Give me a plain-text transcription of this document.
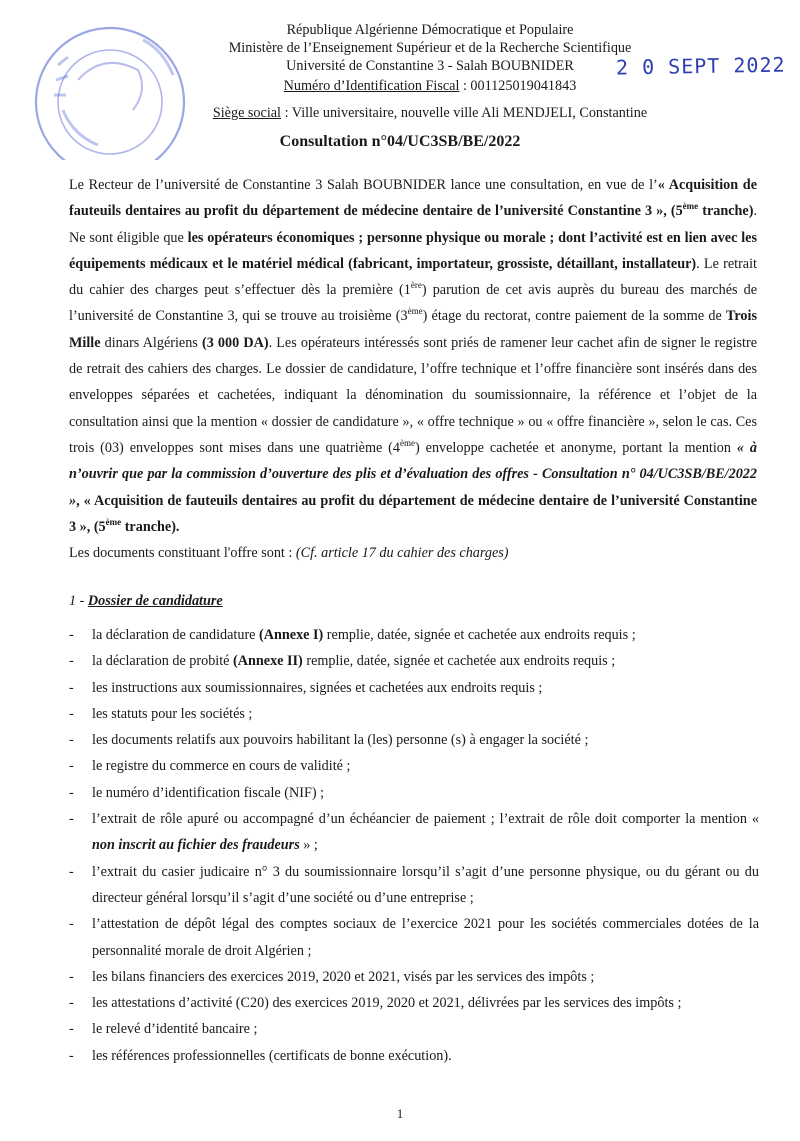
République Algérienne Démocratique et Populaire
Ministère de l’Enseignement Supérieur et de la Recherche Scientifique
Université de Constantine 3 - Salah BOUBNIDER
Numéro d’Identification Fiscal : 001125019041843
Siège social : Ville universitaire, nouvelle ville Ali MENDJELI, Constantine
2 0 SEPT 2022
Consultation n°04/UC3SB/BE/2022

Le Recteur de l’université de Constantine 3 Salah BOUBNIDER lance une consultation, en vue de l’« Acquisition de fauteuils dentaires au profit du département de médecine dentaire de l’université Constantine 3 », (5ème tranche). Ne sont éligible que les opérateurs économiques ; personne physique ou morale ; dont l’activité est en lien avec les équipements médicaux et le matériel médical (fabricant, importateur, grossiste, détaillant, installateur). Le retrait du cahier des charges peut s’effectuer dès la première (1ère) parution de cet avis auprès du bureau des marchés de l’université de Constantine 3, qui se trouve au troisième (3ème) étage du rectorat, contre paiement de la somme de Trois Mille dinars Algériens (3 000 DA). Les opérateurs intéressés sont priés de ramener leur cachet afin de signer le registre de retrait des cahiers des charges. Le dossier de candidature, l’offre technique et l’offre financière sont insérés dans des enveloppes séparées et cachetées, indiquant la dénomination du soumissionnaire, la référence et l’objet de la consultation ainsi que la mention « dossier de candidature », « offre technique » ou « offre financière », selon le cas. Ces trois (03) enveloppes sont mises dans une quatrième (4ème) enveloppe cachetée et anonyme, portant la mention « à n’ouvrir que par la commission d’ouverture des plis et d’évaluation des offres - Consultation n° 04/UC3SB/BE/2022 », « Acquisition de fauteuils dentaires au profit du département de médecine dentaire de l’université Constantine 3 », (5ème tranche).

Les documents constituant l'offre sont : (Cf. article 17 du cahier des charges)

1 - Dossier de candidature
- la déclaration de candidature (Annexe I) remplie, datée, signée et cachetée aux endroits requis ;
- la déclaration de probité (Annexe II) remplie, datée, signée et cachetée aux endroits requis ;
- les instructions aux soumissionnaires, signées et cachetées aux endroits requis ;
- les statuts pour les sociétés ;
- les documents relatifs aux pouvoirs habilitant la (les) personne (s) à engager la société ;
- le registre du commerce en cours de validité ;
- le numéro d’identification fiscale (NIF) ;
- l’extrait de rôle apuré ou accompagné d’un échéancier de paiement ; l’extrait de rôle doit comporter la mention « non inscrit au fichier des fraudeurs » ;
- l’extrait du casier judicaire n° 3 du soumissionnaire lorsqu’il s’agit d’une personne physique, ou du gérant ou du directeur général lorsqu’il s’agit d’une société ou d’une entreprise ;
- l’attestation de dépôt légal des comptes sociaux de l’exercice 2021 pour les sociétés commerciales dotées de la personnalité morale de droit Algérien ;
- les bilans financiers des exercices 2019, 2020 et 2021, visés par les services des impôts ;
- les attestations d’activité (C20) des exercices 2019, 2020 et 2021, délivrées par les services des impôts ;
- le relevé d’identité bancaire ;
- les références professionnelles (certificats de bonne exécution).
1
